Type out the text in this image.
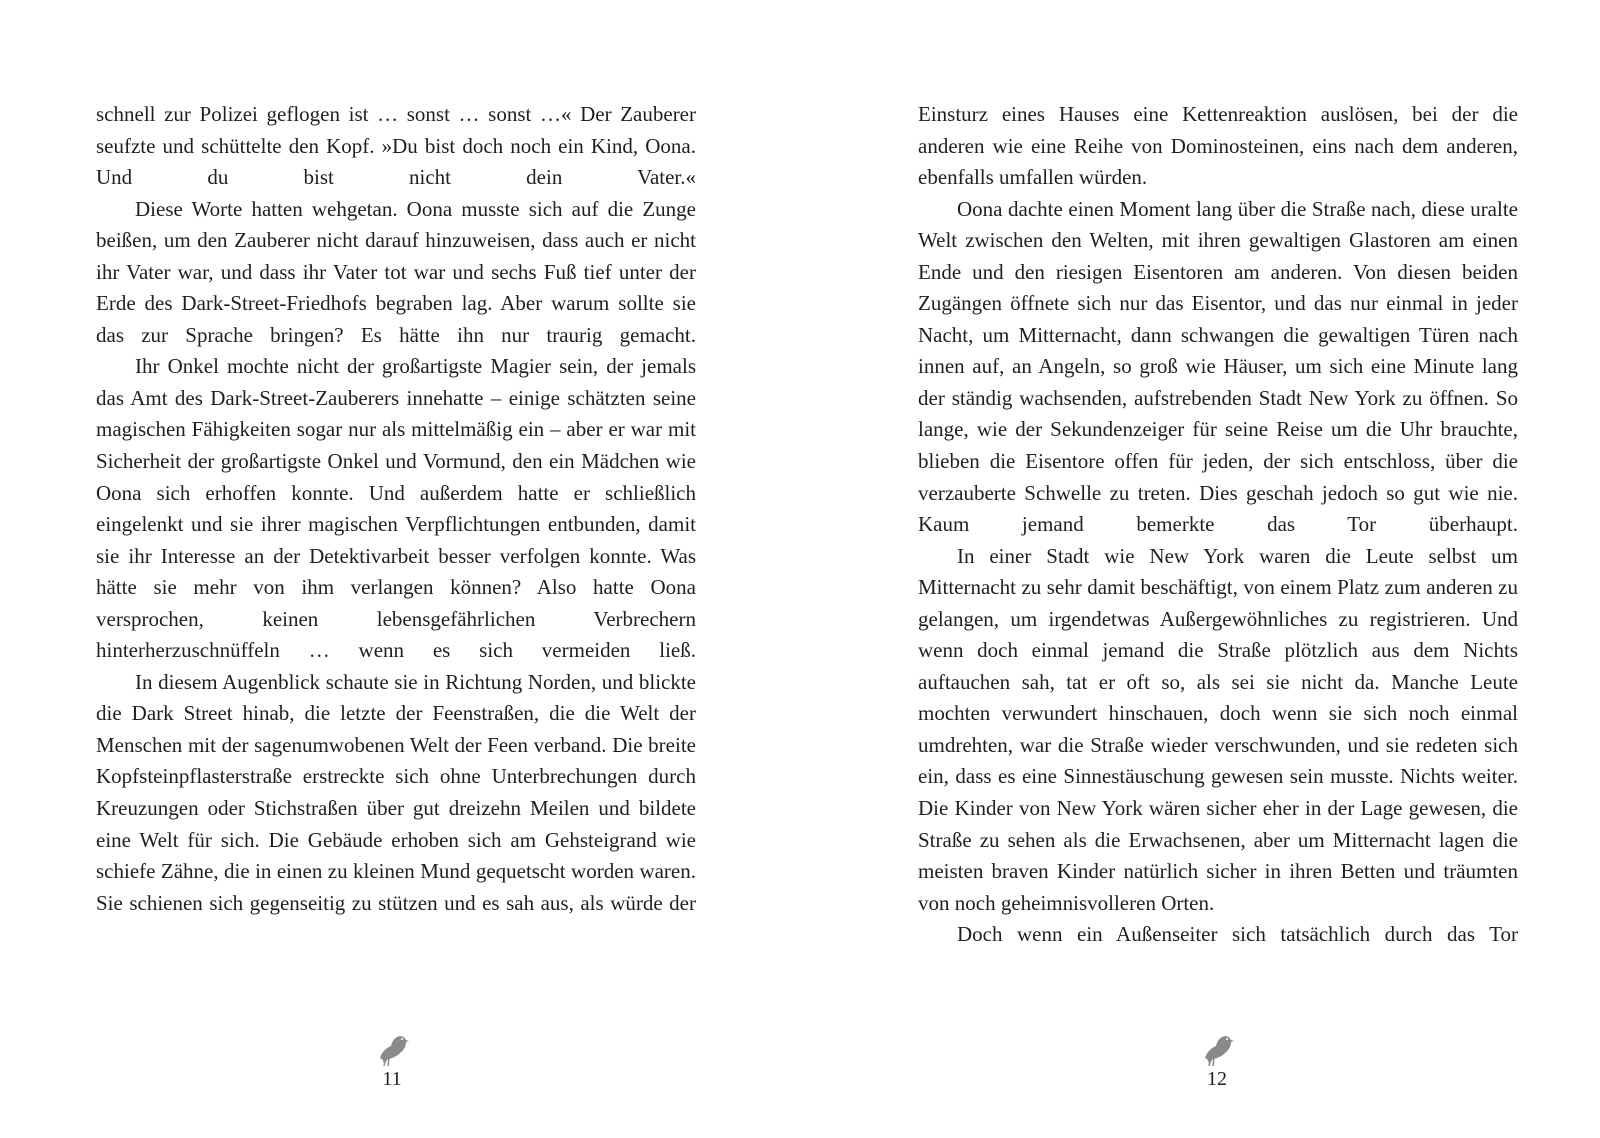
schnell zur Polizei geflogen ist … sonst … sonst …« Der Zauberer seufzte und schüttelte den Kopf. »Du bist doch noch ein Kind, Oona. Und du bist nicht dein Vater.«

Diese Worte hatten wehgetan. Oona musste sich auf die Zunge beißen, um den Zauberer nicht darauf hinzuweisen, dass auch er nicht ihr Vater war, und dass ihr Vater tot war und sechs Fuß tief unter der Erde des Dark-Street-Friedhofs begraben lag. Aber warum sollte sie das zur Sprache bringen? Es hätte ihn nur traurig gemacht.

Ihr Onkel mochte nicht der großartigste Magier sein, der jemals das Amt des Dark-Street-Zauberers innehatte – einige schätzten seine magischen Fähigkeiten sogar nur als mittelmäßig ein – aber er war mit Sicherheit der großartigste Onkel und Vormund, den ein Mädchen wie Oona sich erhoffen konnte. Und außerdem hatte er schließlich eingelenkt und sie ihrer magischen Verpflichtungen entbunden, damit sie ihr Interesse an der Detektivarbeit besser verfolgen konnte. Was hätte sie mehr von ihm verlangen können? Also hatte Oona versprochen, keinen lebensgefährlichen Verbrechern hinterherzuschnüffeln … wenn es sich vermeiden ließ.

In diesem Augenblick schaute sie in Richtung Norden, und blickte die Dark Street hinab, die letzte der Feenstraßen, die die Welt der Menschen mit der sagenumwobenen Welt der Feen verband. Die breite Kopfsteinpflasterstraße erstreckte sich ohne Unterbrechungen durch Kreuzungen oder Stichstraßen über gut dreizehn Meilen und bildete eine Welt für sich. Die Gebäude erhoben sich am Gehsteigrand wie schiefe Zähne, die in einen zu kleinen Mund gequetscht worden waren. Sie schienen sich gegenseitig zu stützen und es sah aus, als würde der

Einsturz eines Hauses eine Kettenreaktion auslösen, bei der die anderen wie eine Reihe von Dominosteinen, eins nach dem anderen, ebenfalls umfallen würden.

Oona dachte einen Moment lang über die Straße nach, diese uralte Welt zwischen den Welten, mit ihren gewaltigen Glastoren am einen Ende und den riesigen Eisentoren am anderen. Von diesen beiden Zugängen öffnete sich nur das Eisentor, und das nur einmal in jeder Nacht, um Mitternacht, dann schwangen die gewaltigen Türen nach innen auf, an Angeln, so groß wie Häuser, um sich eine Minute lang der ständig wachsenden, aufstrebenden Stadt New York zu öffnen. So lange, wie der Sekundenzeiger für seine Reise um die Uhr brauchte, blieben die Eisentore offen für jeden, der sich entschloss, über die verzauberte Schwelle zu treten. Dies geschah jedoch so gut wie nie. Kaum jemand bemerkte das Tor überhaupt.

In einer Stadt wie New York waren die Leute selbst um Mitternacht zu sehr damit beschäftigt, von einem Platz zum anderen zu gelangen, um irgendetwas Außergewöhnliches zu registrieren. Und wenn doch einmal jemand die Straße plötzlich aus dem Nichts auftauchen sah, tat er oft so, als sei sie nicht da. Manche Leute mochten verwundert hinschauen, doch wenn sie sich noch einmal umdrehten, war die Straße wieder verschwunden, und sie redeten sich ein, dass es eine Sinnestäuschung gewesen sein musste. Nichts weiter. Die Kinder von New York wären sicher eher in der Lage gewesen, die Straße zu sehen als die Erwachsenen, aber um Mitternacht lagen die meisten braven Kinder natürlich sicher in ihren Betten und träumten von noch geheimnisvolleren Orten.

Doch wenn ein Außenseiter sich tatsächlich durch das Tor

11	12
